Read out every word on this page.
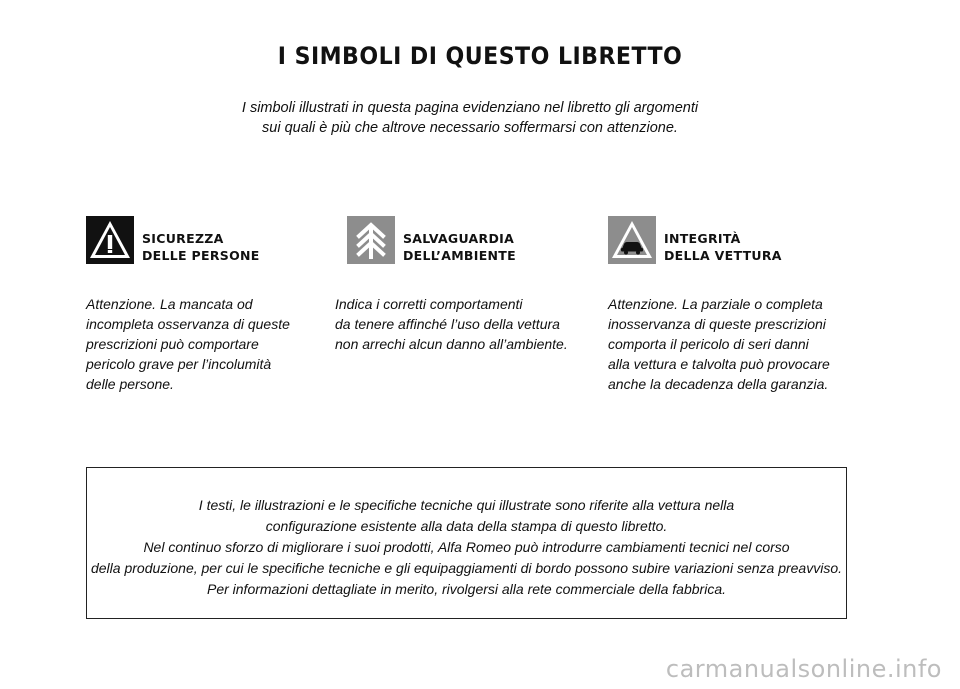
I SIMBOLI DI QUESTO LIBRETTO
I simboli illustrati in questa pagina evidenziano nel libretto gli argomenti
sui quali è più che altrove necessario soffermarsi con attenzione.
SICUREZZA
DELLE PERSONE
SALVAGUARDIA
DELL’AMBIENTE
INTEGRITÀ
DELLA VETTURA
Attenzione. La mancata od
incompleta osservanza di queste
prescrizioni può comportare
pericolo grave per l’incolumità
delle persone.
Indica i corretti comportamenti
da tenere affinché l’uso della vettura
non arrechi alcun danno all’ambiente.
Attenzione. La parziale o completa
inosservanza di queste prescrizioni
comporta il pericolo di seri danni
alla vettura e talvolta può provocare
anche la decadenza della garanzia.
I testi, le illustrazioni e le specifiche tecniche qui illustrate sono riferite alla vettura nella
configurazione esistente alla data della stampa di questo libretto.
Nel continuo sforzo di migliorare i suoi prodotti, Alfa Romeo può introdurre cambiamenti tecnici nel corso
della produzione, per cui le specifiche tecniche e gli equipaggiamenti di bordo possono subire variazioni senza preavviso.
Per informazioni dettagliate in merito, rivolgersi alla rete commerciale della fabbrica.
carmanualsonline.info
